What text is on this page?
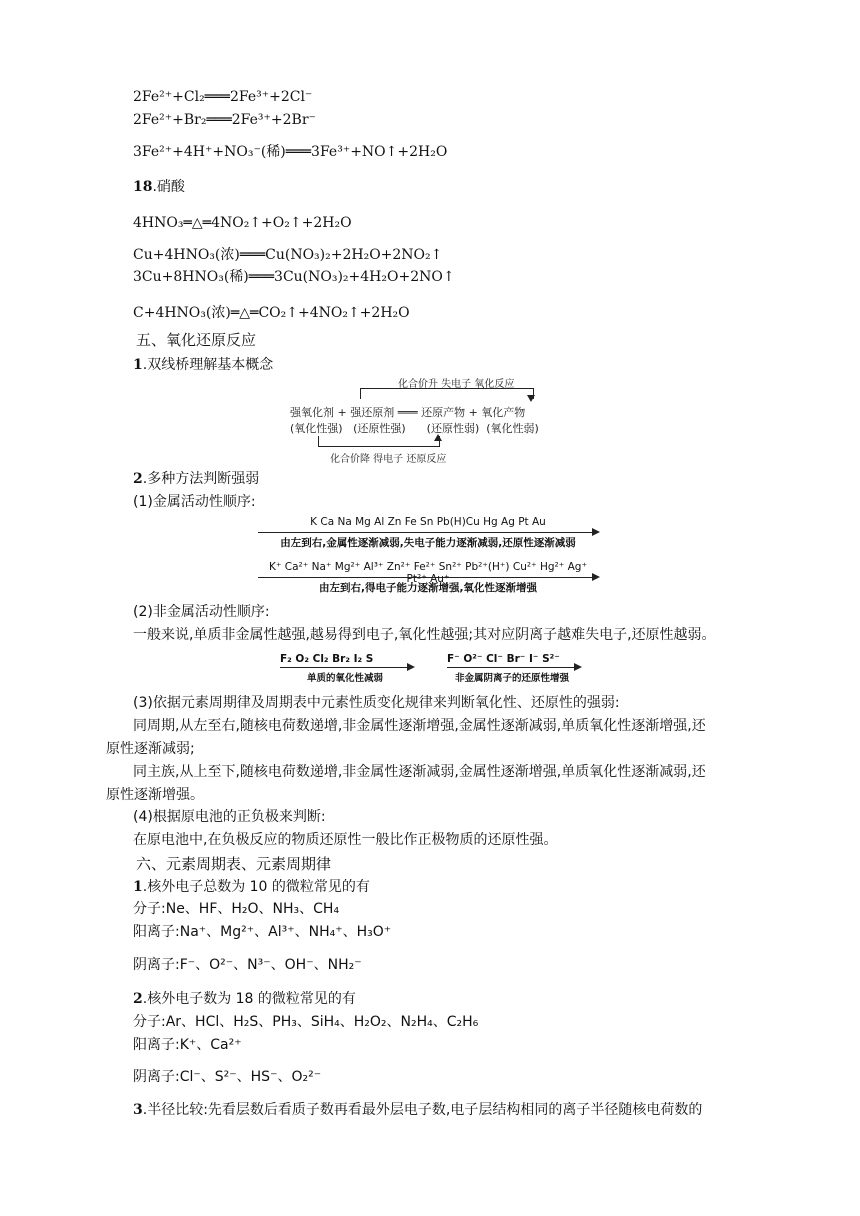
2Fe²⁺+Cl₂═══2Fe³⁺+2Cl⁻
2Fe²⁺+Br₂═══2Fe³⁺+2Br⁻
3Fe²⁺+4H⁺+NO₃⁻(稀)═══3Fe³⁺+NO↑+2H₂O
18.硝酸
4HNO₃═△═4NO₂↑+O₂↑+2H₂O
Cu+4HNO₃(浓)═══Cu(NO₃)₂+2H₂O+2NO₂↑
3Cu+8HNO₃(稀)═══3Cu(NO₃)₂+4H₂O+2NO↑
C+4HNO₃(浓)═△═CO₂↑+4NO₂↑+2H₂O
五、氧化还原反应
1.双线桥理解基本概念
化合价升 失电子 氧化反应
强氧化剂 + 强还原剂 ═══ 还原产物 + 氧化产物
(氧化性强) (还原性强) (还原性弱) (氧化性弱)
化合价降 得电子 还原反应
2.多种方法判断强弱
(1)金属活动性顺序:
K Ca Na Mg Al Zn Fe Sn Pb(H)Cu Hg Ag Pt Au
由左到右,金属性逐渐减弱,失电子能力逐渐减弱,还原性逐渐减弱
K⁺ Ca²⁺ Na⁺ Mg²⁺ Al³⁺ Zn²⁺ Fe²⁺ Sn²⁺ Pb²⁺(H⁺) Cu²⁺ Hg²⁺ Ag⁺ Pt²⁺ Au⁺
由左到右,得电子能力逐渐增强,氧化性逐渐增强
(2)非金属活动性顺序:
一般来说,单质非金属性越强,越易得到电子,氧化性越强;其对应阴离子越难失电子,还原性越弱。
F₂ O₂ Cl₂ Br₂ I₂ S
单质的氧化性减弱
F⁻ O²⁻ Cl⁻ Br⁻ I⁻ S²⁻
非金属阴离子的还原性增强
(3)依据元素周期律及周期表中元素性质变化规律来判断氧化性、还原性的强弱:
同周期,从左至右,随核电荷数递增,非金属性逐渐增强,金属性逐渐减弱,单质氧化性逐渐增强,还
原性逐渐减弱;
同主族,从上至下,随核电荷数递增,非金属性逐渐减弱,金属性逐渐增强,单质氧化性逐渐减弱,还
原性逐渐增强。
(4)根据原电池的正负极来判断:
在原电池中,在负极反应的物质还原性一般比作正极物质的还原性强。
六、元素周期表、元素周期律
1.核外电子总数为 10 的微粒常见的有
分子:Ne、HF、H₂O、NH₃、CH₄
阳离子:Na⁺、Mg²⁺、Al³⁺、NH₄⁺、H₃O⁺
阴离子:F⁻、O²⁻、N³⁻、OH⁻、NH₂⁻
2.核外电子数为 18 的微粒常见的有
分子:Ar、HCl、H₂S、PH₃、SiH₄、H₂O₂、N₂H₄、C₂H₆
阳离子:K⁺、Ca²⁺
阴离子:Cl⁻、S²⁻、HS⁻、O₂²⁻
3.半径比较:先看层数后看质子数再看最外层电子数,电子层结构相同的离子半径随核电荷数的
